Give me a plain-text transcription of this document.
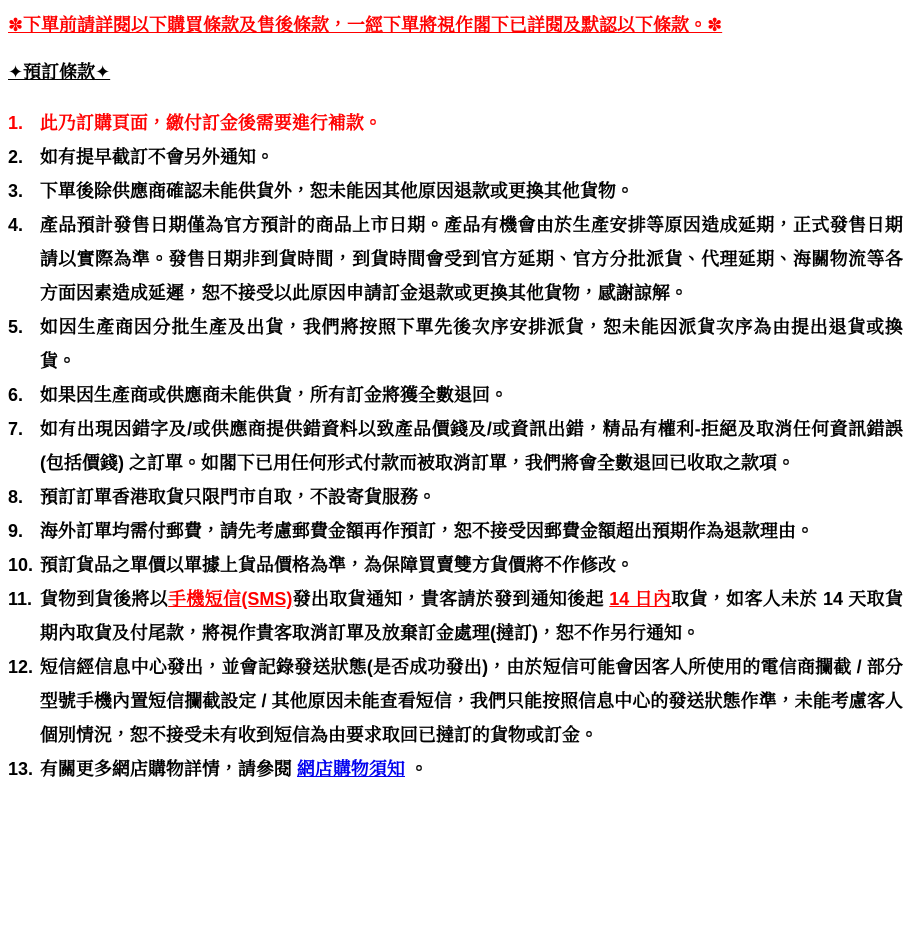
✽下單前請詳閱以下購買條款及售後條款，一經下單將視作閣下已詳閱及默認以下條款。✽
✦預訂條款✦
1. 此乃訂購頁面，繳付訂金後需要進行補款。
2. 如有提早截訂不會另外通知。
3. 下單後除供應商確認未能供貨外，恕未能因其他原因退款或更換其他貨物。
4. 產品預計發售日期僅為官方預計的商品上市日期。產品有機會由於生產安排等原因造成延期，正式發售日期請以實際為準。發售日期非到貨時間，到貨時間會受到官方延期、官方分批派貨、代理延期、海關物流等各方面因素造成延遲，恕不接受以此原因申請訂金退款或更換其他貨物，感謝諒解。
5. 如因生產商因分批生產及出貨，我們將按照下單先後次序安排派貨，恕未能因派貨次序為由提出退貨或換貨。
6. 如果因生產商或供應商未能供貨，所有訂金將獲全數退回。
7. 如有出現因錯字及/或供應商提供錯資料以致產品價錢及/或資訊出錯，精品有權利-拒絕及取消任何資訊錯誤(包括價錢) 之訂單。如閣下已用任何形式付款而被取消訂單，我們將會全數退回已收取之款項。
8. 預訂訂單香港取貨只限門市自取，不設寄貨服務。
9. 海外訂單均需付郵費，請先考慮郵費金額再作預訂，恕不接受因郵費金額超出預期作為退款理由。
10. 預訂貨品之單價以單據上貨品價格為準，為保障買賣雙方貨價將不作修改。
11. 貨物到貨後將以手機短信(SMS)發出取貨通知，貴客請於發到通知後起 14 日內取貨，如客人未於 14 天取貨期內取貨及付尾款，將視作貴客取消訂單及放棄訂金處理(撻訂)，恕不作另行通知。
12. 短信經信息中心發出，並會記錄發送狀態(是否成功發出)，由於短信可能會因客人所使用的電信商攔截 / 部分型號手機內置短信攔截設定 / 其他原因未能查看短信，我們只能按照信息中心的發送狀態作準，未能考慮客人個別情況，恕不接受未有收到短信為由要求取回已撻訂的貨物或訂金。
13. 有關更多網店購物詳情，請參閱 網店購物須知 。
